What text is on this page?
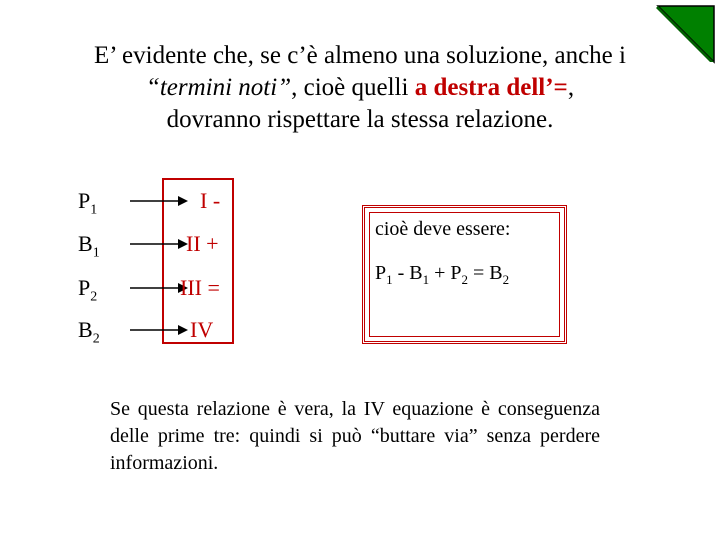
E’ evidente che, se c’è almeno una soluzione, anche i
“termini noti”, cioè quelli a destra dell’=,
dovranno rispettare la stessa relazione.
$P_1$	I -
$B_1$	II +
$P_2$	III =
$B_2$	IV
cioè deve essere:
$P_1 - B_1 + P_2 = B_2$
Se questa relazione è vera, la IV equazione è conseguenza delle prime tre: quindi si può “buttare via” senza perdere informazioni.
